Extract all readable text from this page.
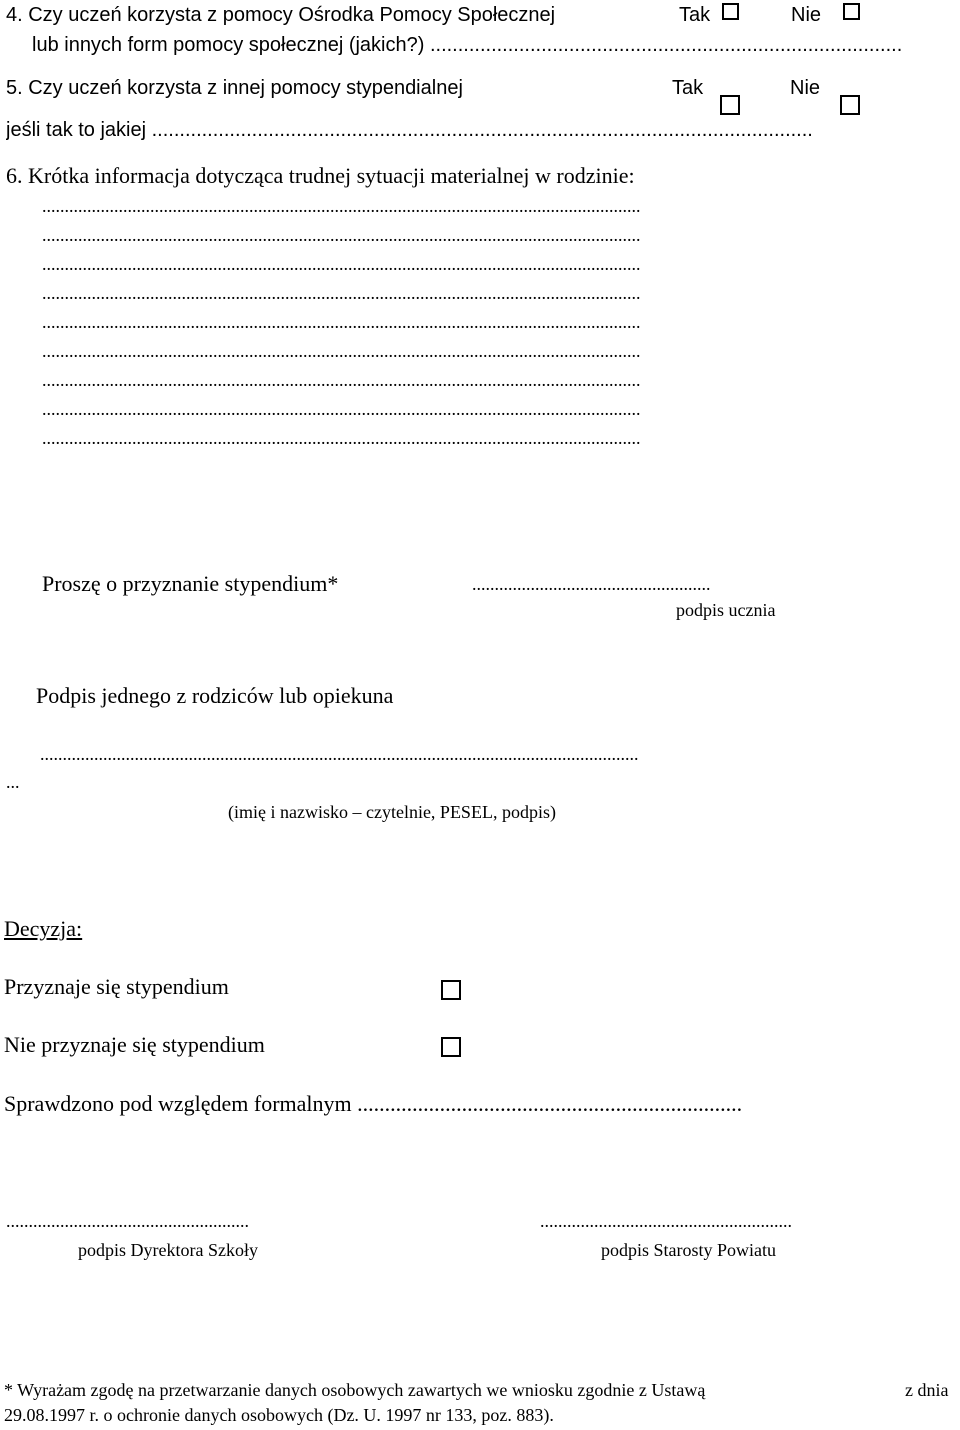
4. Czy uczeń korzysta z pomocy Ośrodka Pomocy Społecznej	Tak	Nie
lub innych form pomocy społecznej (jakich?) .....................................................................................
5. Czy uczeń korzysta z innej pomocy stypendialnej	Tak	Nie
jeśli tak to jakiej .......................................................................................................................
6. Krótka informacja dotycząca trudnej sytuacji materialnej w rodzinie:
.....................................................................................................................................
.....................................................................................................................................
.....................................................................................................................................
.....................................................................................................................................
.....................................................................................................................................
.....................................................................................................................................
.....................................................................................................................................
.....................................................................................................................................
.....................................................................................................................................
Proszę o przyznanie stypendium*	.....................................................
podpis ucznia
Podpis jednego z rodziców lub opiekuna
.....................................................................................................................................
...
(imię i nazwisko – czytelnie, PESEL, podpis)
Decyzja:
Przyznaje się stypendium
Nie przyznaje się stypendium
Sprawdzono pod względem formalnym ......................................................................
......................................................
podpis Dyrektora Szkoły
........................................................
podpis Starosty Powiatu
* Wyrażam zgodę na przetwarzanie danych osobowych zawartych we wniosku zgodnie z Ustawą	z dnia
29.08.1997 r. o ochronie danych osobowych (Dz. U. 1997 nr 133, poz. 883).
